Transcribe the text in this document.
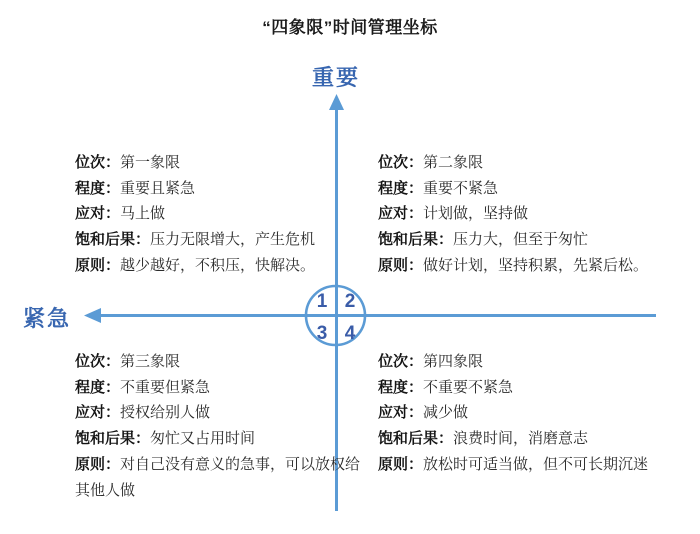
“四象限”时间管理坐标
1 2
3 4
重要
紧急

位次：第一象限

程度：重要且紧急

应对：马上做

饱和后果：压力无限增大，产生危机

原则：越少越好，不积压，快解决。

位次：第二象限

程度：重要不紧急

应对：计划做，坚持做

饱和后果：压力大，但至于匆忙

原则：做好计划，坚持积累，先紧后松。

位次：第三象限

程度：不重要但紧急

应对：授权给别人做

饱和后果：匆忙又占用时间

原则：对自己没有意义的急事，可以放权给其他人做

位次：第四象限

程度：不重要不紧急

应对：减少做

饱和后果：浪费时间，消磨意志

原则：放松时可适当做，但不可长期沉迷
